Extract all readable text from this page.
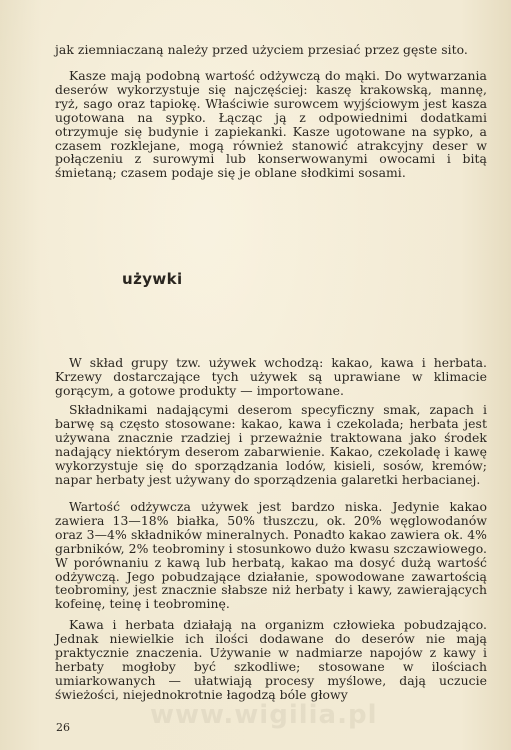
jak ziemniaczaną należy przed użyciem przesiać przez gęste sito.

Kasze mają podobną wartość odżywczą do mąki. Do wytwarzania deserów wykorzystuje się najczęściej: kaszę krakowską, mannę, ryż, sago oraz tapiokę. Właściwie surowcem wyjściowym jest kasza ugotowana na sypko. Łącząc ją z odpowiednimi dodatkami otrzymuje się budynie i zapiekanki. Kasze ugotowane na sypko, a czasem rozklejane, mogą również stanowić atrakcyjny deser w połączeniu z surowymi lub konserwowanymi owocami i bitą śmietaną; czasem podaje się je oblane słodkimi sosami.

używki

W skład grupy tzw. używek wchodzą: kakao, kawa i herbata. Krzewy dostarczające tych używek są uprawiane w klimacie gorącym, a gotowe produkty — importowane.

Składnikami nadającymi deserom specyficzny smak, zapach i barwę są często stosowane: kakao, kawa i czekolada; herbata jest używana znacznie rzadziej i przeważnie traktowana jako środek nadający niektórym deserom zabarwienie. Kakao, czekoladę i kawę wykorzystuje się do sporządzania lodów, kisieli, sosów, kremów; napar herbaty jest używany do sporządzenia galaretki herbacianej.

Wartość odżywcza używek jest bardzo niska. Jedynie kakao zawiera 13—18% białka, 50% tłuszczu, ok. 20% węglowodanów oraz 3—4% składników mineralnych. Ponadto kakao zawiera ok. 4% garbników, 2% teobrominy i stosunkowo dużo kwasu szczawiowego. W porównaniu z kawą lub herbatą, kakao ma dosyć dużą wartość odżywczą. Jego pobudzające działanie, spowodowane zawartością teobrominy, jest znacznie słabsze niż herbaty i kawy, zawierających kofeinę, teinę i teobrominę.

Kawa i herbata działają na organizm człowieka pobudzająco. Jednak niewielkie ich ilości dodawane do deserów nie mają praktycznie znaczenia. Używanie w nadmiarze napojów z kawy i herbaty mogłoby być szkodliwe; stosowane w ilościach umiarkowanych — ułatwiają procesy myślowe, dają uczucie świeżości, niejednokrotnie łagodzą bóle głowy

26	www.wigilia.pl
